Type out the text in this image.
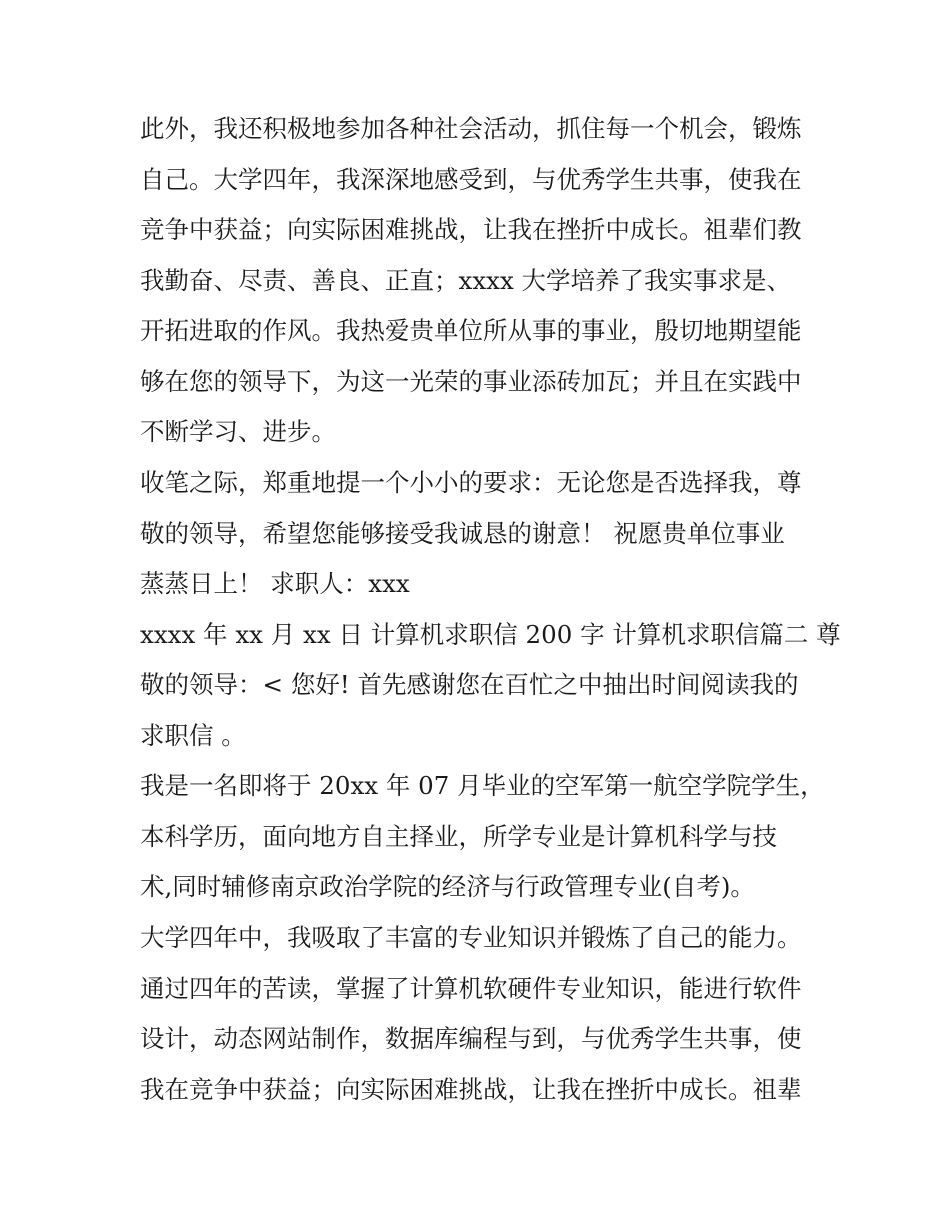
此外，我还积极地参加各种社会活动，抓住每一个机会，锻炼

自己。大学四年，我深深地感受到，与优秀学生共事，使我在

竞争中获益；向实际困难挑战，让我在挫折中成长。祖辈们教

我勤奋、尽责、善良、正直；xxxx 大学培养了我实事求是、

开拓进取的作风。我热爱贵单位所从事的事业，殷切地期望能

够在您的领导下，为这一光荣的事业添砖加瓦；并且在实践中

不断学习、进步。

收笔之际，郑重地提一个小小的要求：无论您是否选择我，尊

敬的领导，希望您能够接受我诚恳的谢意！ 祝愿贵单位事业

蒸蒸日上！ 求职人：xxx

xxxx 年 xx 月 xx 日 计算机求职信 200 字 计算机求职信篇二 尊

敬的领导：< 您好! 首先感谢您在百忙之中抽出时间阅读我的

求职信 。

我是一名即将于 20xx 年 07 月毕业的空军第一航空学院学生，

本科学历，面向地方自主择业，所学专业是计算机科学与技

术,同时辅修南京政治学院的经济与行政管理专业(自考)。

大学四年中，我吸取了丰富的专业知识并锻炼了自己的能力。

通过四年的苦读，掌握了计算机软硬件专业知识，能进行软件

设计，动态网站制作，数据库编程与到，与优秀学生共事，使

我在竞争中获益；向实际困难挑战，让我在挫折中成长。祖辈
